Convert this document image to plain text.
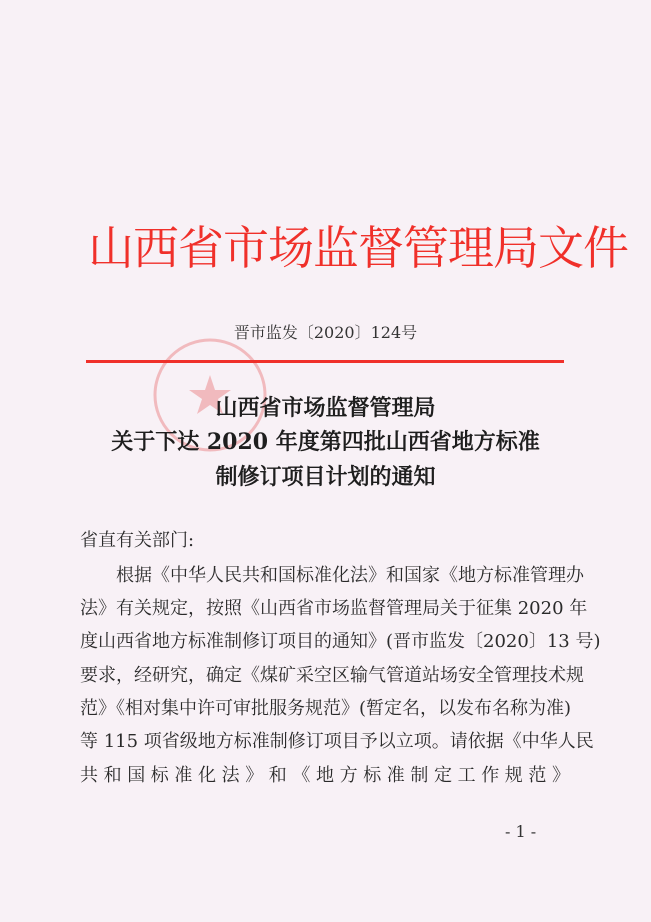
山西省市场监督管理局文件
晋市监发〔2020〕124号
山西省市场监督管理局
关于下达 2020 年度第四批山西省地方标准
制修订项目计划的通知
省直有关部门:
根据《中华人民共和国标准化法》和国家《地方标准管理办
法》有关规定，按照《山西省市场监督管理局关于征集 2020 年
度山西省地方标准制修订项目的通知》(晋市监发〔2020〕13 号)
要求，经研究，确定《煤矿采空区输气管道站场安全管理技术规
范》《相对集中许可审批服务规范》(暂定名，以发布名称为准)
等 115 项省级地方标准制修订项目予以立项。请依据《中华人民
共和国标准化法》和《地方标准制定工作规范》
- 1 -
